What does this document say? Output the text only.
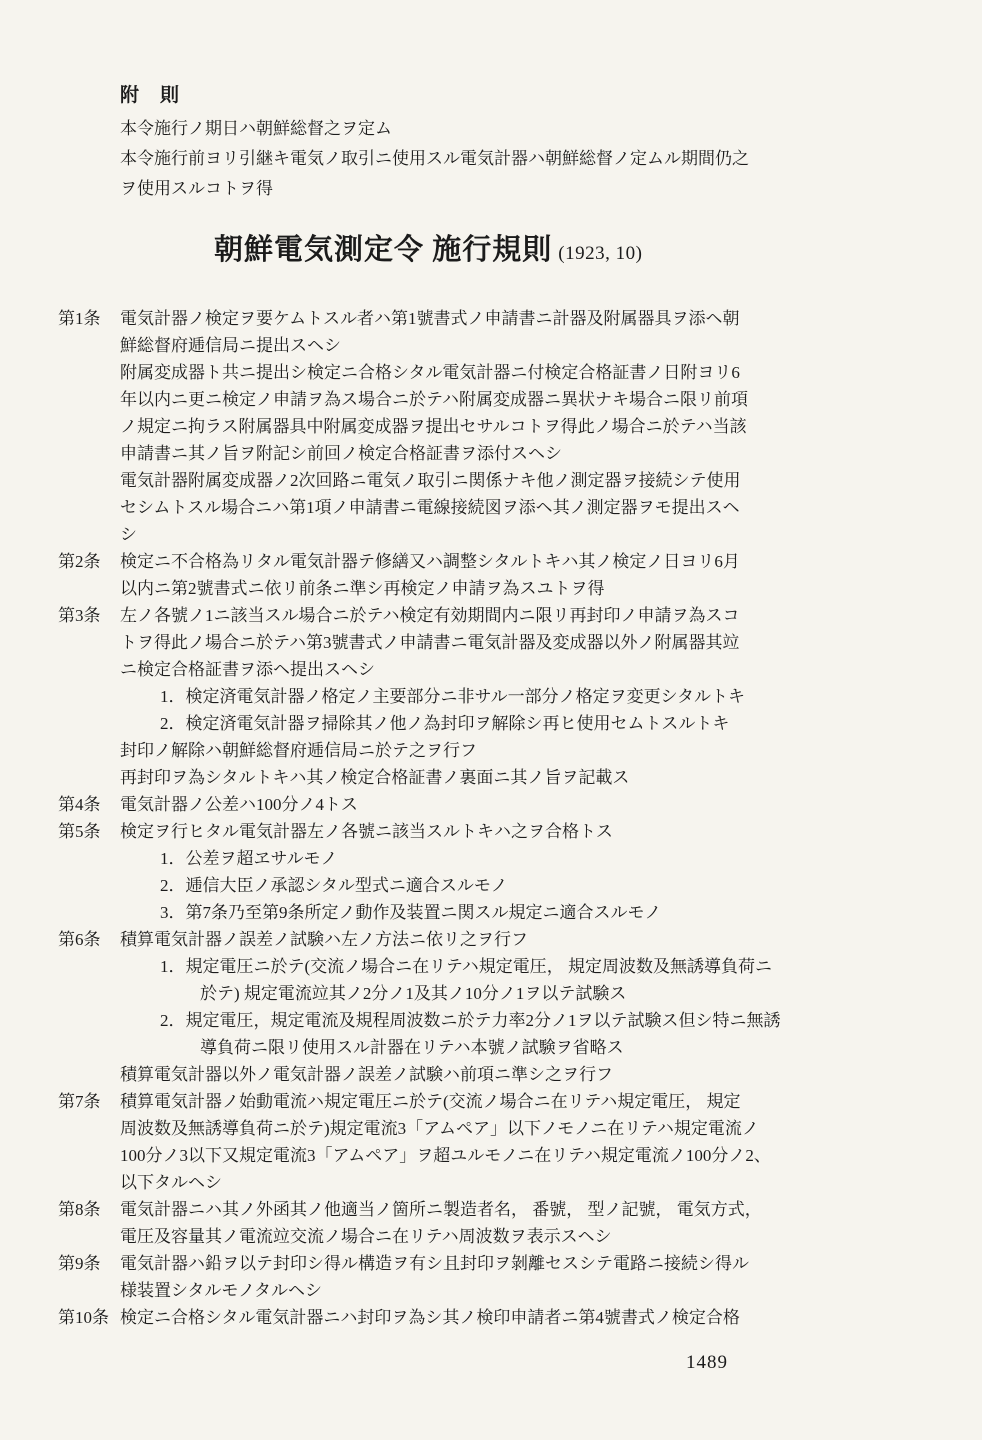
附　則

本令施行ノ期日ハ朝鮮総督之ヲ定ム

本令施行前ヨリ引継キ電気ノ取引ニ使用スル電気計器ハ朝鮮総督ノ定ムル期間仍之

ヲ使用スルコトヲ得

朝鮮電気測定令 施行規則 (1923, 10)
第1条 電気計器ノ検定ヲ要ケムトスル者ハ第1號書式ノ申請書ニ計器及附属器具ヲ添ヘ朝
鮮総督府逓信局ニ提出スヘシ
附属変成器ト共ニ提出シ検定ニ合格シタル電気計器ニ付検定合格証書ノ日附ヨリ6
年以内ニ更ニ検定ノ申請ヲ為ス場合ニ於テハ附属変成器ニ異状ナキ場合ニ限リ前項
ノ規定ニ拘ラス附属器具中附属変成器ヲ提出セサルコトヲ得此ノ場合ニ於テハ当該
申請書ニ其ノ旨ヲ附記シ前回ノ検定合格証書ヲ添付スヘシ
電気計器附属変成器ノ2次回路ニ電気ノ取引ニ関係ナキ他ノ測定器ヲ接続シテ使用
セシムトスル場合ニハ第1項ノ申請書ニ電線接続図ヲ添ヘ其ノ測定器ヲモ提出スヘ
シ
第2条 検定ニ不合格為リタル電気計器テ修繕又ハ調整シタルトキハ其ノ検定ノ日ヨリ6月
以内ニ第2號書式ニ依リ前条ニ準シ再検定ノ申請ヲ為スユトヲ得
第3条 左ノ各號ノ1ニ該当スル場合ニ於テハ検定有効期間内ニ限リ再封印ノ申請ヲ為スコ
トヲ得此ノ場合ニ於テハ第3號書式ノ申請書ニ電気計器及変成器以外ノ附属器其竝
ニ検定合格証書ヲ添ヘ提出スヘシ
1．検定済電気計器ノ格定ノ主要部分ニ非サル一部分ノ格定ヲ変更シタルトキ
2．検定済電気計器ヲ掃除其ノ他ノ為封印ヲ解除シ再ヒ使用セムトスルトキ
封印ノ解除ハ朝鮮総督府逓信局ニ於テ之ヲ行フ
再封印ヲ為シタルトキハ其ノ検定合格証書ノ裏面ニ其ノ旨ヲ記載ス
第4条 電気計器ノ公差ハ100分ノ4トス
第5条 検定ヲ行ヒタル電気計器左ノ各號ニ該当スルトキハ之ヲ合格トス
1．公差ヲ超ヱサルモノ
2．逓信大臣ノ承認シタル型式ニ適合スルモノ
3．第7条乃至第9条所定ノ動作及装置ニ関スル規定ニ適合スルモノ
第6条 積算電気計器ノ誤差ノ試験ハ左ノ方法ニ依リ之ヲ行フ
1．規定電圧ニ於テ(交流ノ場合ニ在リテハ規定電圧， 規定周波数及無誘導負荷ニ
於テ) 規定電流竝其ノ2分ノ1及其ノ10分ノ1ヲ以テ試験ス
2．規定電圧，規定電流及規程周波数ニ於テ力率2分ノ1ヲ以テ試験ス但シ特ニ無誘
導負荷ニ限リ使用スル計器在リテハ本號ノ試験ヲ省略ス
積算電気計器以外ノ電気計器ノ誤差ノ試験ハ前項ニ準シ之ヲ行フ
第7条 積算電気計器ノ始動電流ハ規定電圧ニ於テ(交流ノ場合ニ在リテハ規定電圧， 規定
周波数及無誘導負荷ニ於テ)規定電流3「アムペア」以下ノモノニ在リテハ規定電流ノ
100分ノ3以下又規定電流3「アムペア」ヲ超ユルモノニ在リテハ規定電流ノ100分ノ2、
以下タルヘシ
第8条 電気計器ニハ其ノ外函其ノ他適当ノ箇所ニ製造者名， 番號， 型ノ記號， 電気方式，
電圧及容量其ノ電流竝交流ノ場合ニ在リテハ周波数ヲ表示スヘシ
第9条 電気計器ハ鉛ヲ以テ封印シ得ル構造ヲ有シ且封印ヲ剝離セスシテ電路ニ接続シ得ル
様装置シタルモノタルヘシ
第10条 検定ニ合格シタル電気計器ニハ封印ヲ為シ其ノ検印申請者ニ第4號書式ノ検定合格
1489
